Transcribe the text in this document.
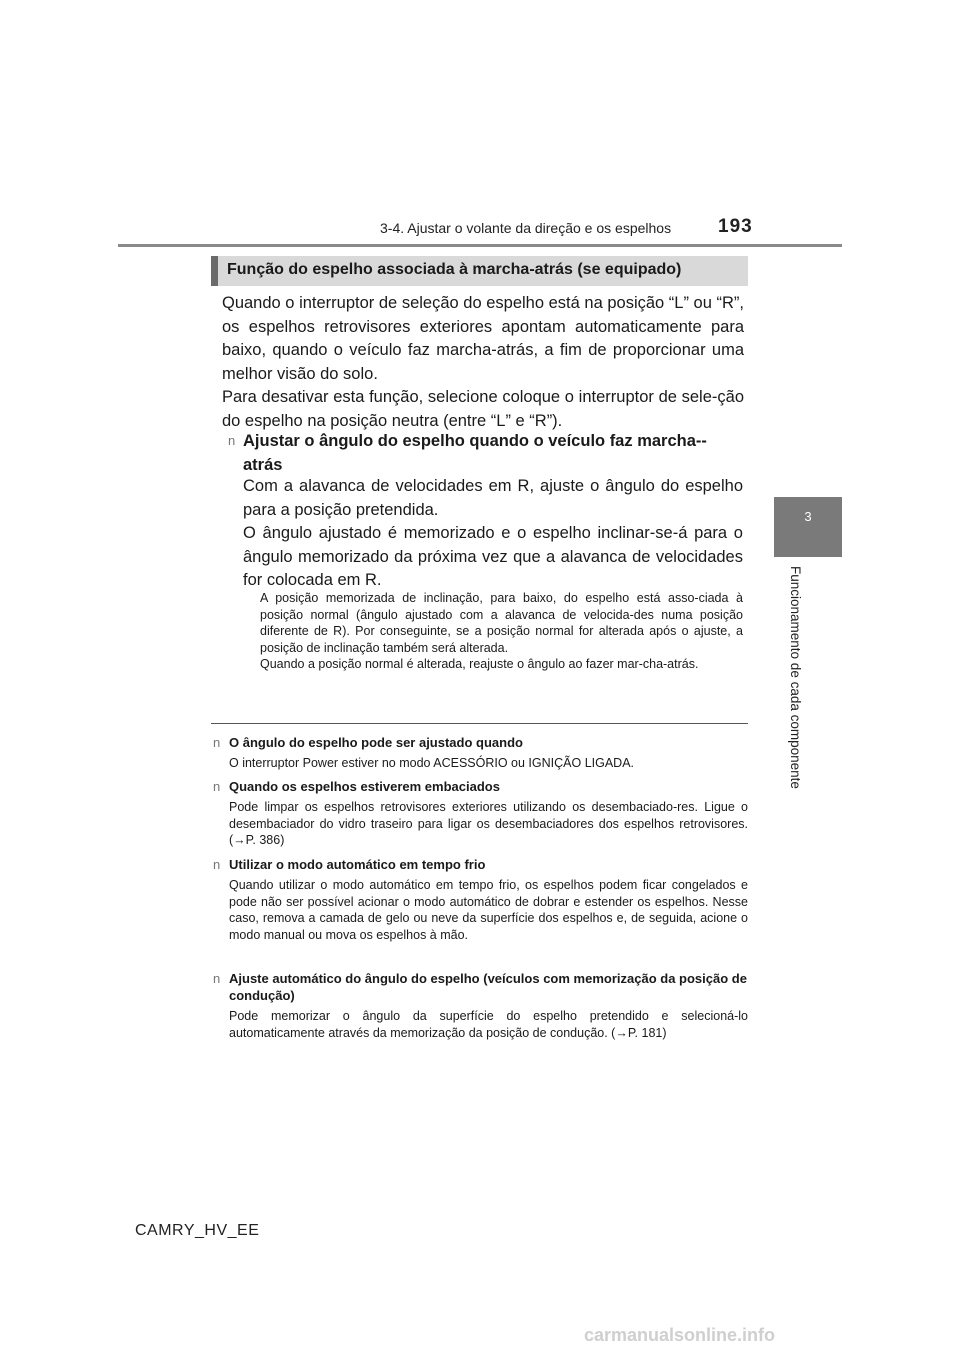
3-4. Ajustar o volante da direção e os espelhos 193
3
Funcionamento de cada componente
Função do espelho associada à marcha-atrás (se equipado)

Quando o interruptor de seleção do espelho está na posição “L” ou “R”, os espelhos retrovisores exteriores apontam automaticamente para baixo, quando o veículo faz marcha-atrás, a fim de proporcionar uma melhor visão do solo.

Para desativar esta função, selecione coloque o interruptor de sele-ção do espelho na posição neutra (entre “L” e “R”).

n Ajustar o ângulo do espelho quando o veículo faz marcha--atrás

Com a alavanca de velocidades em R, ajuste o ângulo do espelho para a posição pretendida.

O ângulo ajustado é memorizado e o espelho inclinar-se-á para o ângulo memorizado da próxima vez que a alavanca de velocidades for colocada em R.

A posição memorizada de inclinação, para baixo, do espelho está asso-ciada à posição normal (ângulo ajustado com a alavanca de velocida-des numa posição diferente de R). Por conseguinte, se a posição normal for alterada após o ajuste, a posição de inclinação também será alterada.

Quando a posição normal é alterada, reajuste o ângulo ao fazer mar-cha-atrás.

n O ângulo do espelho pode ser ajustado quando
O interruptor Power estiver no modo ACESSÓRIO ou IGNIÇÃO LIGADA.
n Quando os espelhos estiverem embaciados
Pode limpar os espelhos retrovisores exteriores utilizando os desembaciado-res. Ligue o desembaciador do vidro traseiro para ligar os desembaciadores dos espelhos retrovisores. (→P. 386)
n Utilizar o modo automático em tempo frio
Quando utilizar o modo automático em tempo frio, os espelhos podem ficar congelados e pode não ser possível acionar o modo automático de dobrar e estender os espelhos. Nesse caso, remova a camada de gelo ou neve da superfície dos espelhos e, de seguida, acione o modo manual ou mova os espelhos à mão.
n Ajuste automático do ângulo do espelho (veículos com memorização da posição de condução)
Pode memorizar o ângulo da superfície do espelho pretendido e selecioná-lo automaticamente através da memorização da posição de condução. (→P. 181)
CAMRY_HV_EE
carmanualsonline.info
